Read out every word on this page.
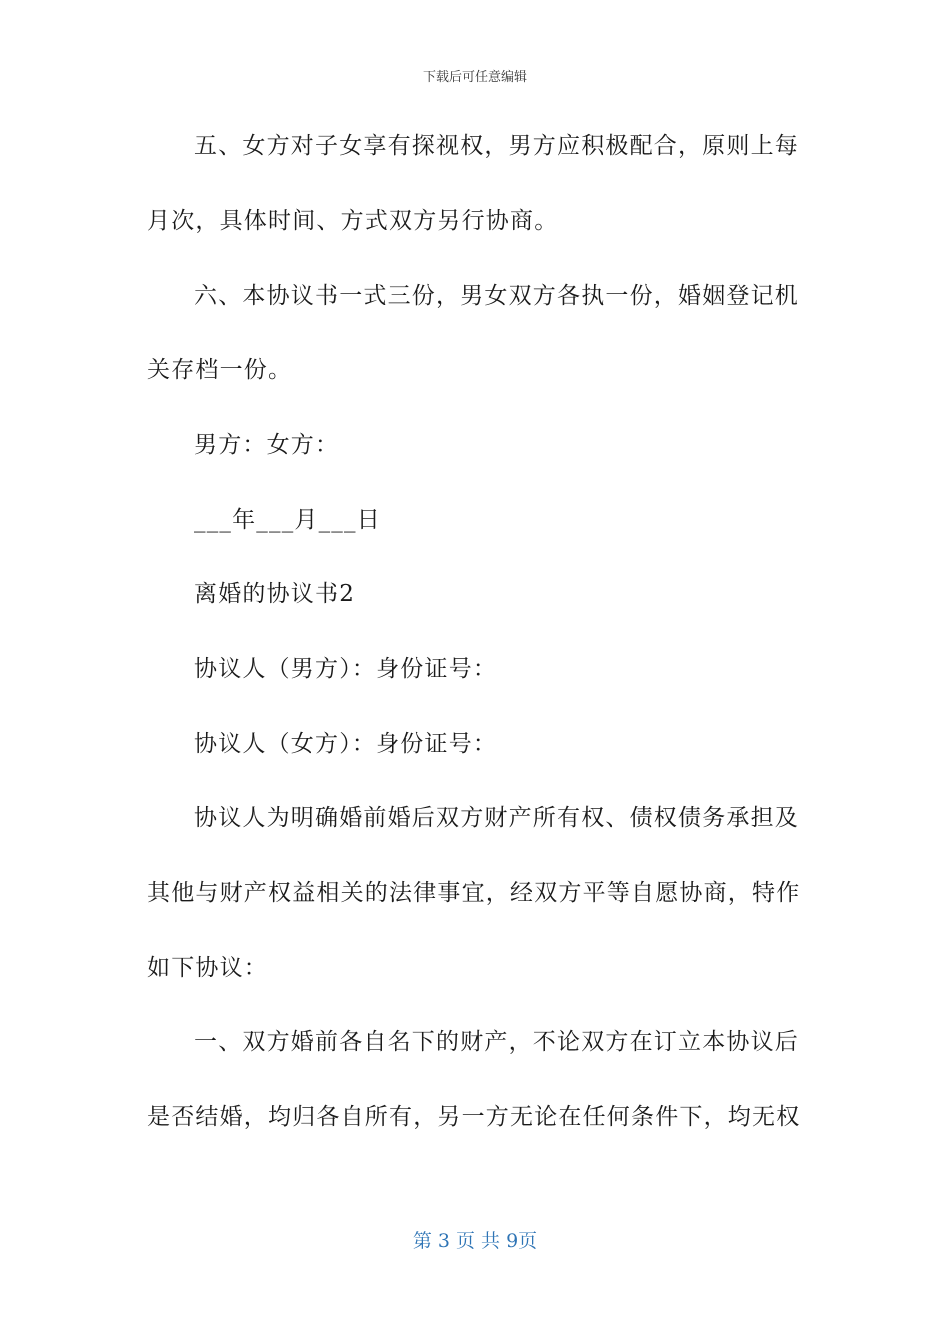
下载后可任意编辑
五、女方对子女享有探视权，男方应积极配合，原则上每
月次，具体时间、方式双方另行协商。
六、本协议书一式三份，男女双方各执一份，婚姻登记机
关存档一份。
男方：女方：
___年___月___日
离婚的协议书2
协议人（男方）：身份证号：
协议人（女方）：身份证号：
协议人为明确婚前婚后双方财产所有权、债权债务承担及
其他与财产权益相关的法律事宜，经双方平等自愿协商，特作
如下协议：
一、双方婚前各自名下的财产，不论双方在订立本协议后
是否结婚，均归各自所有，另一方无论在任何条件下，均无权
第 3 页 共 9页
